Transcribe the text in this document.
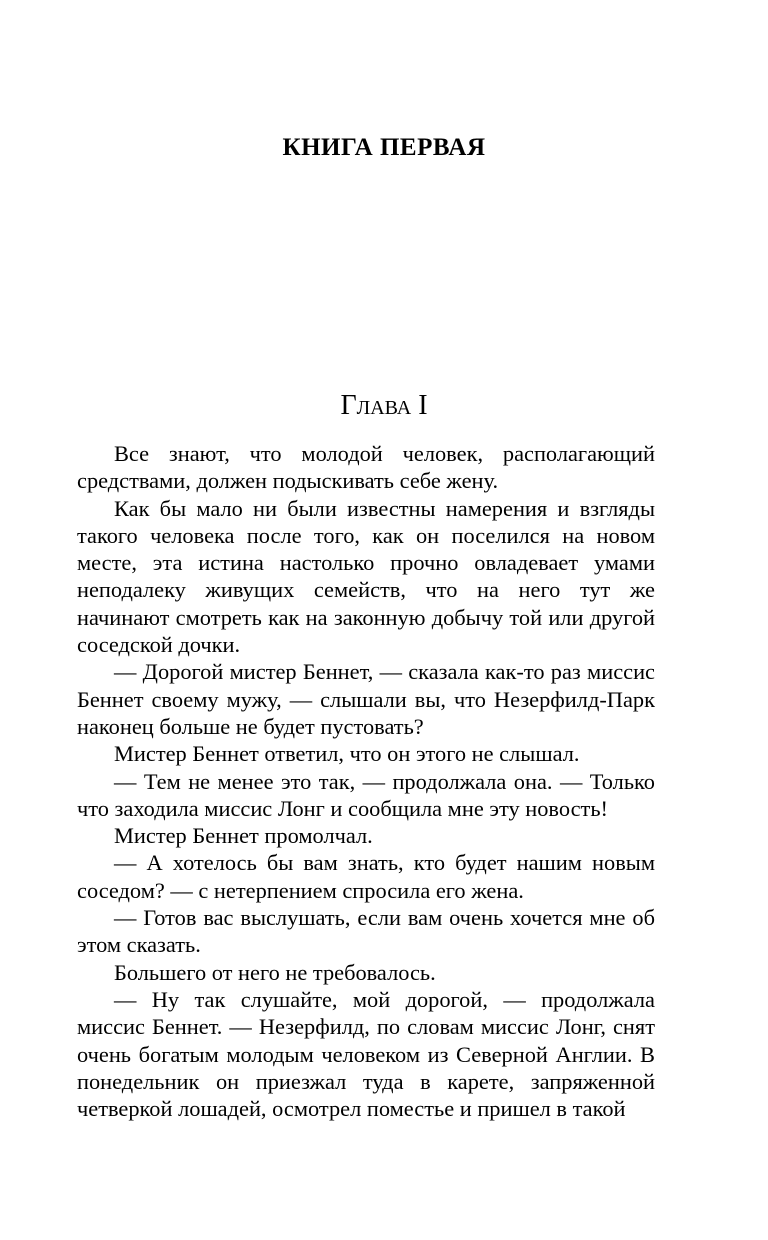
КНИГА ПЕРВАЯ
Глава I

Все знают, что молодой человек, располагающий средствами, должен подыскивать себе жену.

Как бы мало ни были известны намерения и взгляды такого человека после того, как он поселился на новом месте, эта истина настолько прочно овладевает умами неподалеку живущих семейств, что на него тут же начинают смотреть как на законную добычу той или другой соседской дочки.

— Дорогой мистер Беннет, — сказала как-то раз миссис Беннет своему мужу, — слышали вы, что Незерфилд-Парк наконец больше не будет пустовать?

Мистер Беннет ответил, что он этого не слышал.

— Тем не менее это так, — продолжала она. — Только что заходила миссис Лонг и сообщила мне эту новость!

Мистер Беннет промолчал.

— А хотелось бы вам знать, кто будет нашим новым соседом? — с нетерпением спросила его жена.

— Готов вас выслушать, если вам очень хочется мне об этом сказать.

Большего от него не требовалось.

— Ну так слушайте, мой дорогой, — продолжала миссис Беннет. — Незерфилд, по словам миссис Лонг, снят очень богатым молодым человеком из Северной Англии. В понедельник он приезжал туда в карете, запряженной четверкой лошадей, осмотрел поместье и пришел в такой
